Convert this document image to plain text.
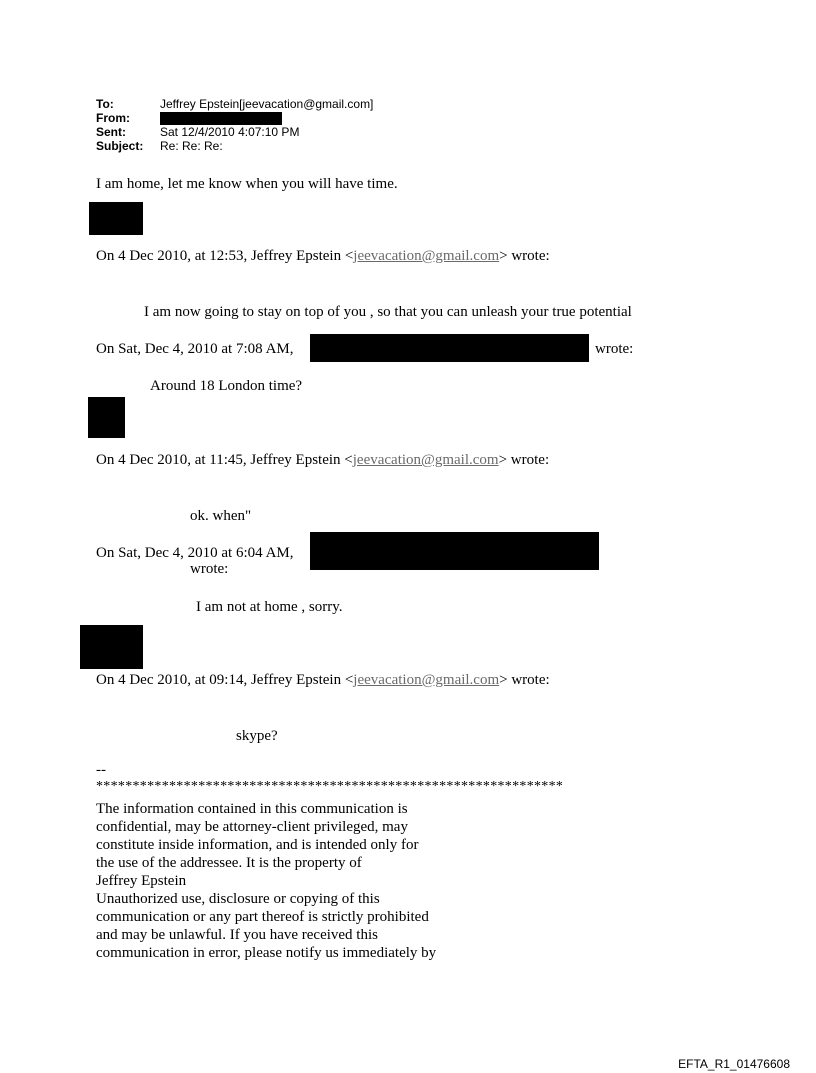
To:	Jeffrey Epstein[jeevacation@gmail.com]
From:
Sent:	Sat 12/4/2010 4:07:10 PM
Subject: Re: Re: Re:
I am home, let me know when you will have time.
On 4 Dec 2010, at 12:53, Jeffrey Epstein <jeevacation@gmail.com> wrote:
I am now going to stay on top of you , so that you can unleash your true potential
On Sat, Dec 4, 2010 at 7:08 AM,	wrote:
Around 18 London time?
On 4 Dec 2010, at 11:45, Jeffrey Epstein <jeevacation@gmail.com> wrote:
ok. when"
On Sat, Dec 4, 2010 at 6:04 AM,
wrote:
I am not at home , sorry.
On 4 Dec 2010, at 09:14, Jeffrey Epstein <jeevacation@gmail.com> wrote:
skype?
--
****************************************************************
The information contained in this communication is
confidential, may be attorney-client privileged, may
constitute inside information, and is intended only for
the use of the addressee. It is the property of
Jeffrey Epstein
Unauthorized use, disclosure or copying of this
communication or any part thereof is strictly prohibited
and may be unlawful. If you have received this
communication in error, please notify us immediately by
EFTA_R1_01476608
